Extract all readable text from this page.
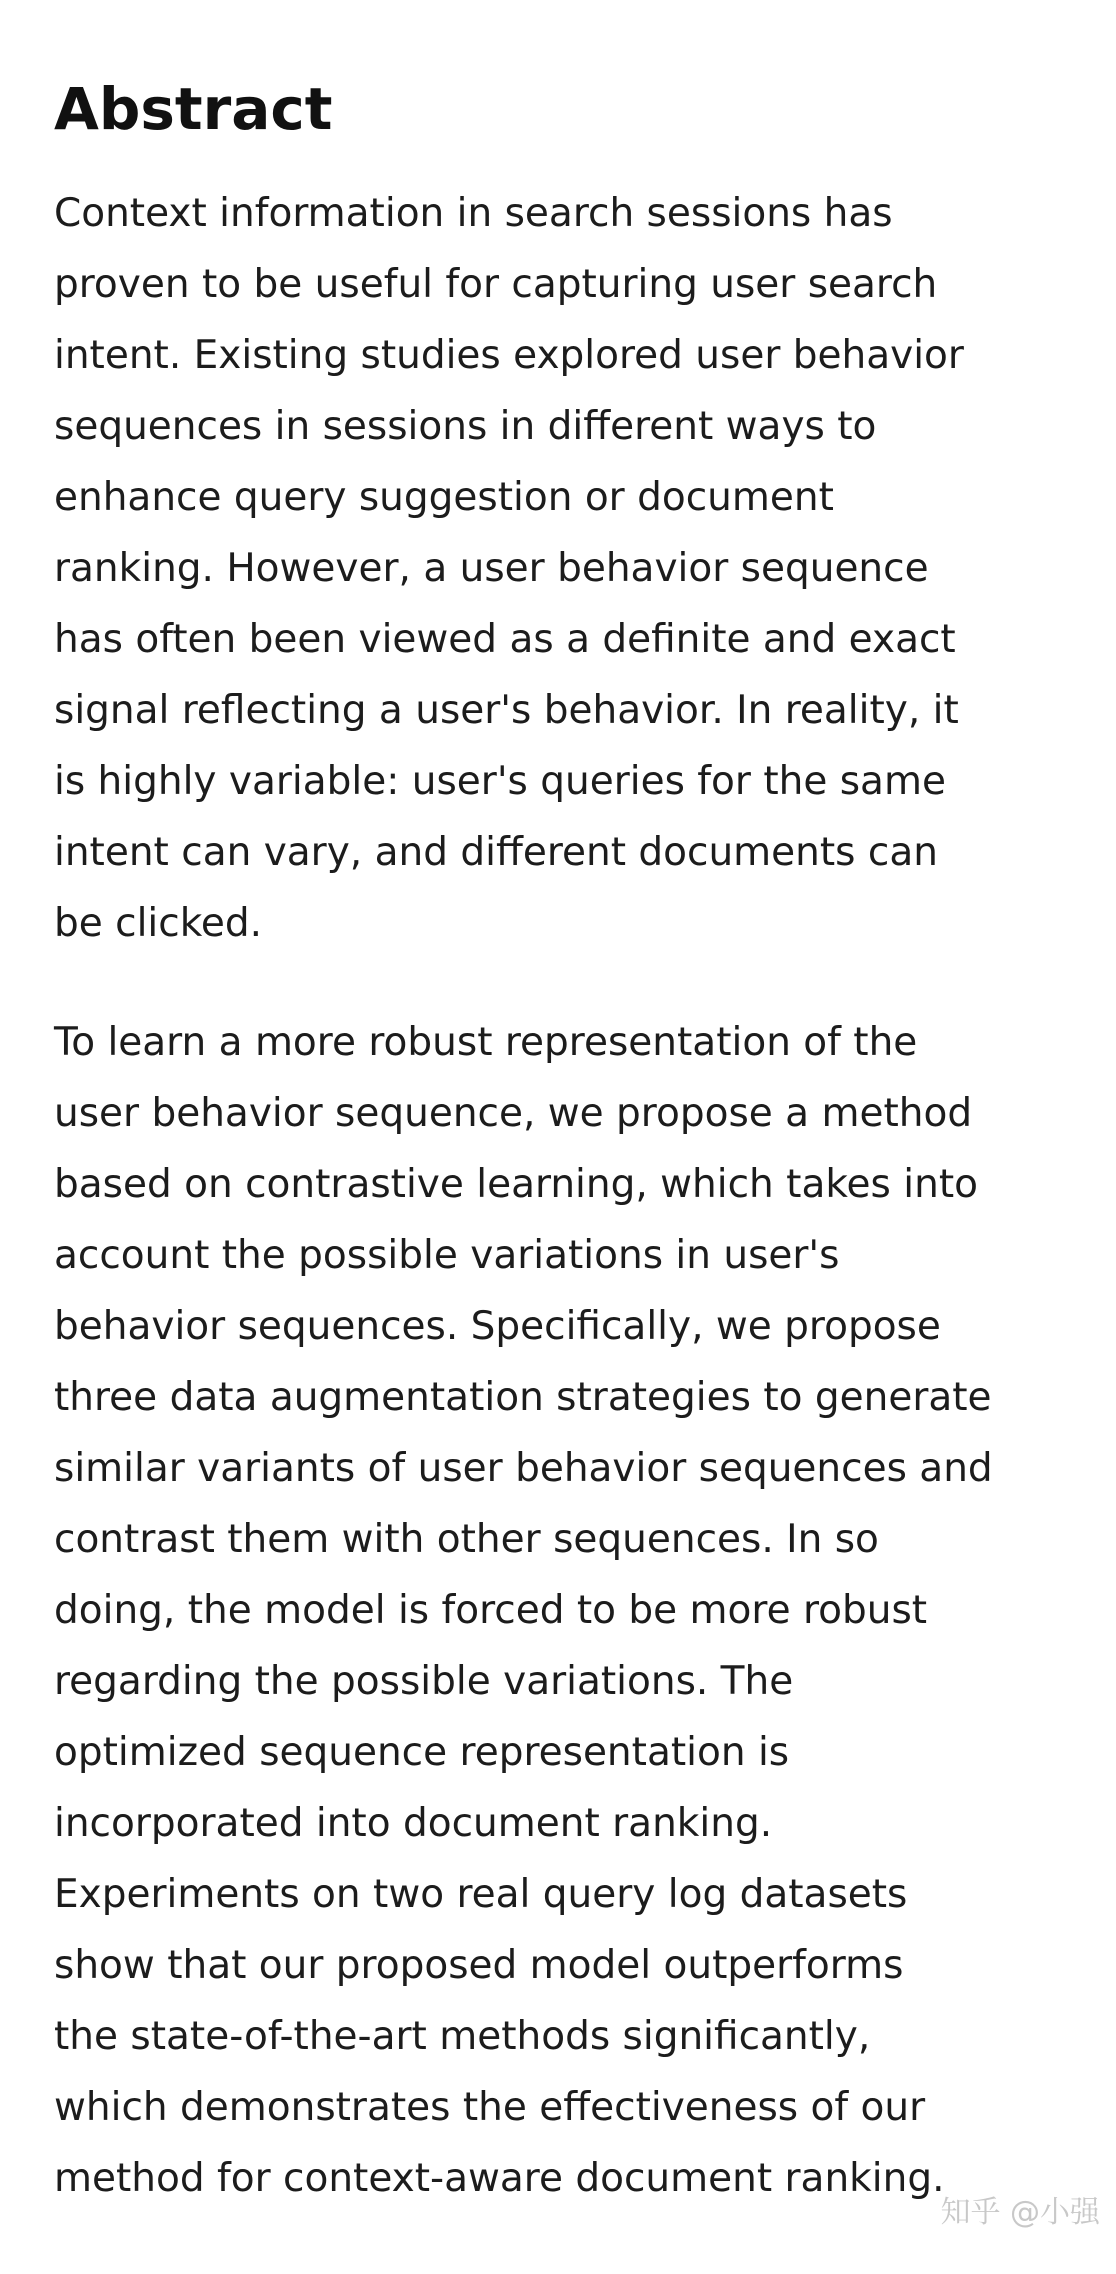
Abstract

Context information in search sessions has
proven to be useful for capturing user search
intent. Existing studies explored user behavior
sequences in sessions in different ways to
enhance query suggestion or document
ranking. However, a user behavior sequence
has often been viewed as a definite and exact
signal reflecting a user's behavior. In reality, it
is highly variable: user's queries for the same
intent can vary, and different documents can
be clicked.

To learn a more robust representation of the
user behavior sequence, we propose a method
based on contrastive learning, which takes into
account the possible variations in user's
behavior sequences. Specifically, we propose
three data augmentation strategies to generate
similar variants of user behavior sequences and
contrast them with other sequences. In so
doing, the model is forced to be more robust
regarding the possible variations. The
optimized sequence representation is
incorporated into document ranking.
Experiments on two real query log datasets
show that our proposed model outperforms
the state-of-the-art methods significantly,
which demonstrates the effectiveness of our
method for context-aware document ranking.

知乎 @小强
